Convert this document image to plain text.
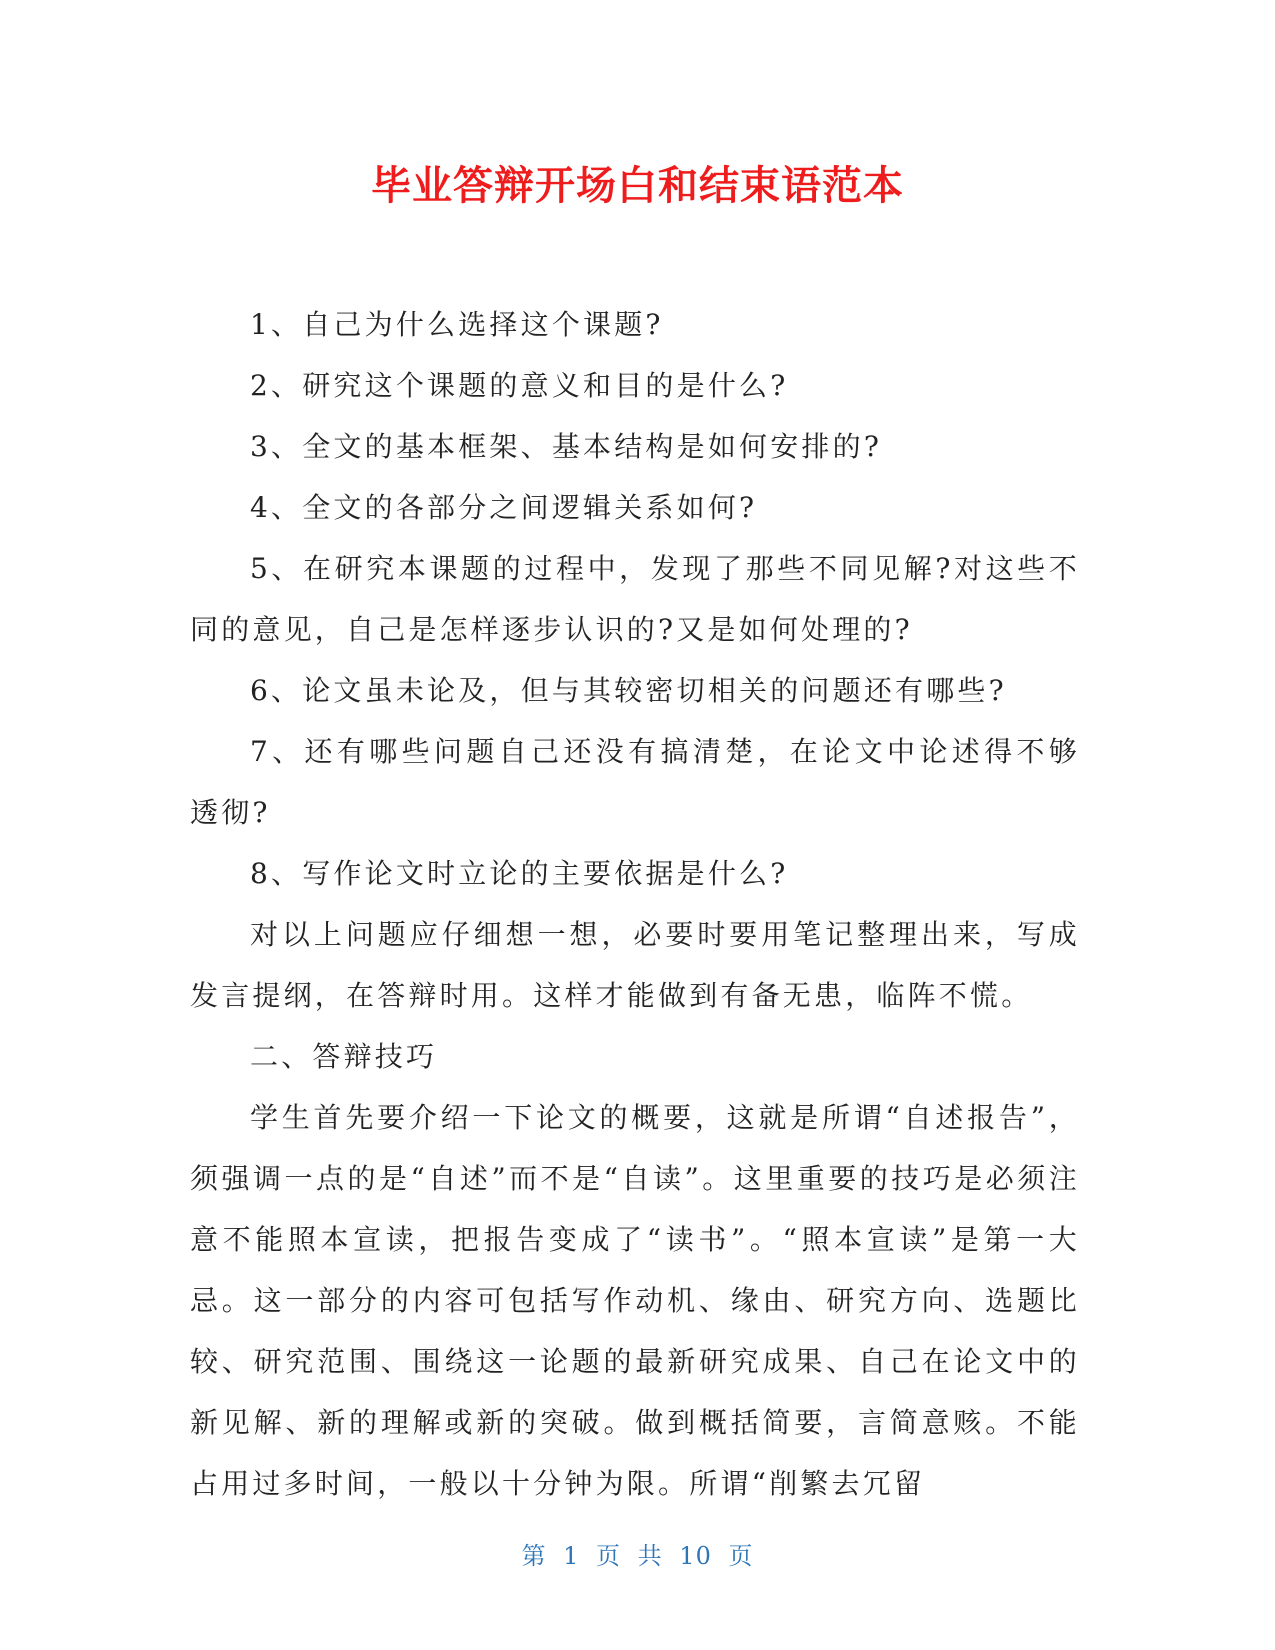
毕业答辩开场白和结束语范本

1、自己为什么选择这个课题?

2、研究这个课题的意义和目的是什么?

3、全文的基本框架、基本结构是如何安排的?

4、全文的各部分之间逻辑关系如何?

5、在研究本课题的过程中，发现了那些不同见解?对这些不同的意见，自己是怎样逐步认识的?又是如何处理的?

6、论文虽未论及，但与其较密切相关的问题还有哪些?

7、还有哪些问题自己还没有搞清楚，在论文中论述得不够透彻?

8、写作论文时立论的主要依据是什么?

对以上问题应仔细想一想，必要时要用笔记整理出来，写成发言提纲，在答辩时用。这样才能做到有备无患，临阵不慌。

二、答辩技巧

学生首先要介绍一下论文的概要，这就是所谓“自述报告”，须强调一点的是“自述”而不是“自读”。这里重要的技巧是必须注意不能照本宣读，把报告变成了“读书”。“照本宣读”是第一大忌。这一部分的内容可包括写作动机、缘由、研究方向、选题比较、研究范围、围绕这一论题的最新研究成果、自己在论文中的新见解、新的理解或新的突破。做到概括简要，言简意赅。不能占用过多时间，一般以十分钟为限。所谓“削繁去冗留

第 1 页 共 10 页
